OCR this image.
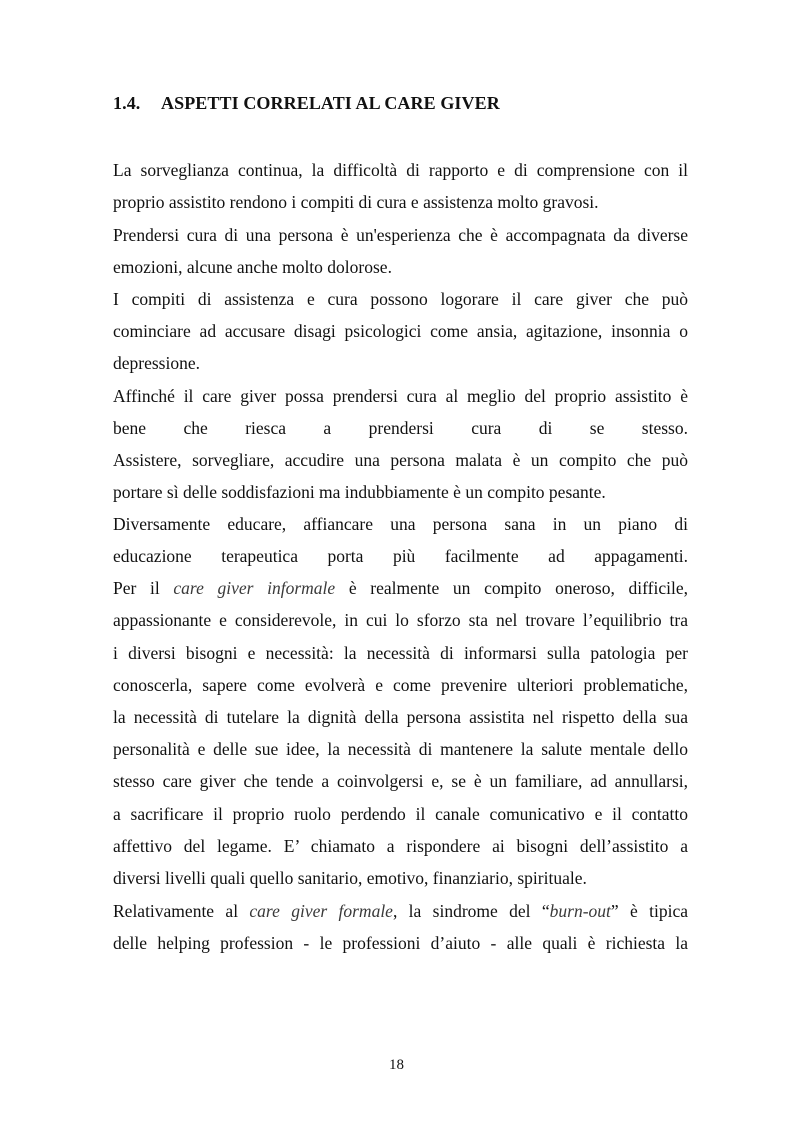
1.4. ASPETTI CORRELATI AL CARE GIVER
La sorveglianza continua, la difficoltà di rapporto e di comprensione con il
proprio assistito rendono i compiti di cura e assistenza molto gravosi.
Prendersi cura di una persona è un'esperienza che è accompagnata da diverse
emozioni, alcune anche molto dolorose.
I compiti di assistenza e cura possono logorare il care giver che può
cominciare ad accusare disagi psicologici come ansia, agitazione, insonnia o
depressione.
Affinché il care giver possa prendersi cura al meglio del proprio assistito è
bene che riesca a prendersi cura di se stesso.
Assistere, sorvegliare, accudire una persona malata è un compito che può
portare sì delle soddisfazioni ma indubbiamente è un compito pesante.
Diversamente educare, affiancare una persona sana in un piano di
educazione terapeutica porta più facilmente ad appagamenti.
Per il care giver informale è realmente un compito oneroso, difficile,
appassionante e considerevole, in cui lo sforzo sta nel trovare l’equilibrio tra
i diversi bisogni e necessità: la necessità di informarsi sulla patologia per
conoscerla, sapere come evolverà e come prevenire ulteriori problematiche,
la necessità di tutelare la dignità della persona assistita nel rispetto della sua
personalità e delle sue idee, la necessità di mantenere la salute mentale dello
stesso care giver che tende a coinvolgersi e, se è un familiare, ad annullarsi,
a sacrificare il proprio ruolo perdendo il canale comunicativo e il contatto
affettivo del legame. E’ chiamato a rispondere ai bisogni dell’assistito a
diversi livelli quali quello sanitario, emotivo, finanziario, spirituale.
Relativamente al care giver formale, la sindrome del “burn-out” è tipica
delle helping profession - le professioni d’aiuto - alle quali è richiesta la
18
